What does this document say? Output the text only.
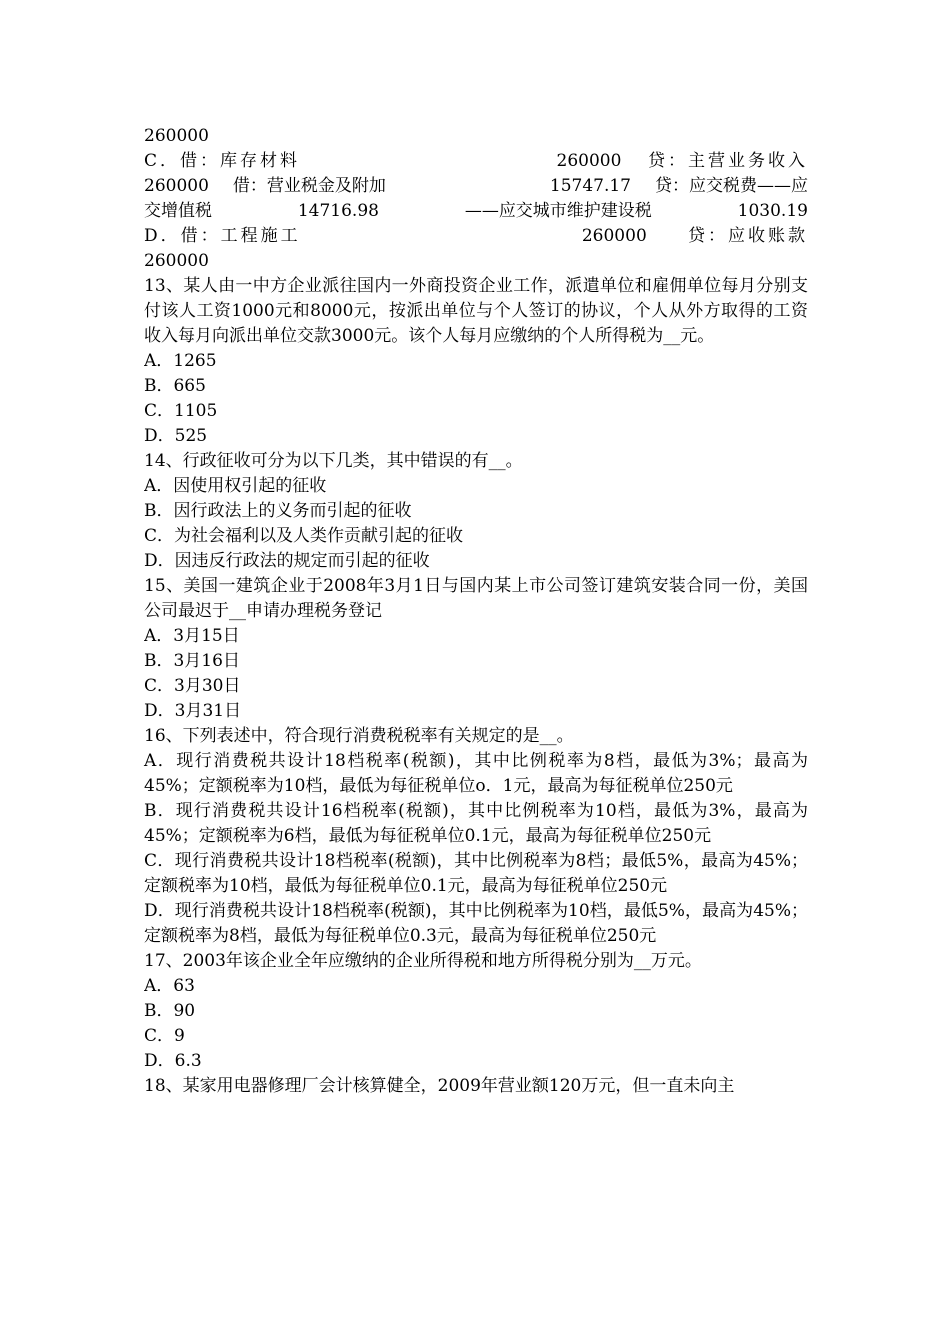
260000
C．借：库存材料	260000 贷：主营业务收入
260000 借：营业税金及附加	15747.17 贷：应交税费——应
交增值税	14716.98	——应交城市维护建设税	1030.19
D．借：工程施工	260000 贷：应收账款
260000
13、某人由一中方企业派往国内一外商投资企业工作，派遣单位和雇佣单位每月分别支付该人工资1000元和8000元，按派出单位与个人签订的协议，个人从外方取得的工资收入每月向派出单位交款3000元。该个人每月应缴纳的个人所得税为__元。
A．1265
B．665
C．1105
D．525
14、行政征收可分为以下几类，其中错误的有__。
A．因使用权引起的征收
B．因行政法上的义务而引起的征收
C．为社会福利以及人类作贡献引起的征收
D．因违反行政法的规定而引起的征收
15、美国一建筑企业于2008年3月1日与国内某上市公司签订建筑安装合同一份，美国公司最迟于__申请办理税务登记
A．3月15日
B．3月16日
C．3月30日
D．3月31日
16、下列表述中，符合现行消费税税率有关规定的是__。
A．现行消费税共设计18档税率(税额)，其中比例税率为8档，最低为3%；最高为45%；定额税率为10档，最低为每征税单位o．1元，最高为每征税单位250元
B．现行消费税共设计16档税率(税额)，其中比例税率为10档，最低为3%，最高为 45%；定额税率为6档，最低为每征税单位0.1元，最高为每征税单位250元
C．现行消费税共设计18档税率(税额)，其中比例税率为8档；最低5%，最高为45%；定额税率为10档，最低为每征税单位0.1元，最高为每征税单位250元
D．现行消费税共设计18档税率(税额)，其中比例税率为10档，最低5%，最高为45%；定额税率为8档，最低为每征税单位0.3元，最高为每征税单位250元
17、2003年该企业全年应缴纳的企业所得税和地方所得税分别为__万元。
A．63
B．90
C．9
D．6.3
18、某家用电器修理厂会计核算健全，2009年营业额120万元，但一直未向主
